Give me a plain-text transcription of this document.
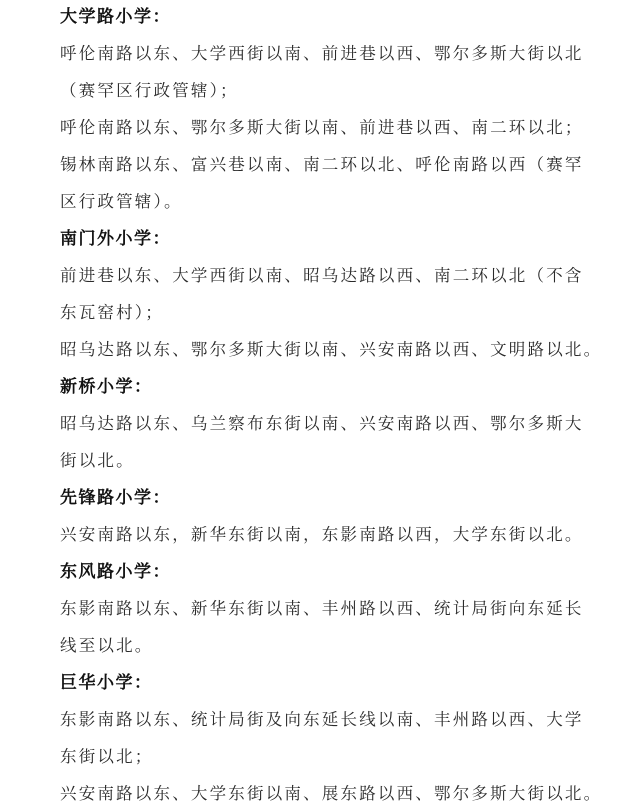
大学路小学：
呼伦南路以东、大学西街以南、前进巷以西、鄂尔多斯大街以北
（赛罕区行政管辖）；
呼伦南路以东、鄂尔多斯大街以南、前进巷以西、南二环以北；
锡林南路以东、富兴巷以南、南二环以北、呼伦南路以西（赛罕
区行政管辖）。
南门外小学：
前进巷以东、大学西街以南、昭乌达路以西、南二环以北（不含
东瓦窑村）；
昭乌达路以东、鄂尔多斯大街以南、兴安南路以西、文明路以北。
新桥小学：
昭乌达路以东、乌兰察布东街以南、兴安南路以西、鄂尔多斯大
街以北。
先锋路小学：
兴安南路以东，新华东街以南，东影南路以西，大学东街以北。
东风路小学：
东影南路以东、新华东街以南、丰州路以西、统计局街向东延长
线至以北。
巨华小学：
东影南路以东、统计局街及向东延长线以南、丰州路以西、大学
东街以北；
兴安南路以东、大学东街以南、展东路以西、鄂尔多斯大街以北。
